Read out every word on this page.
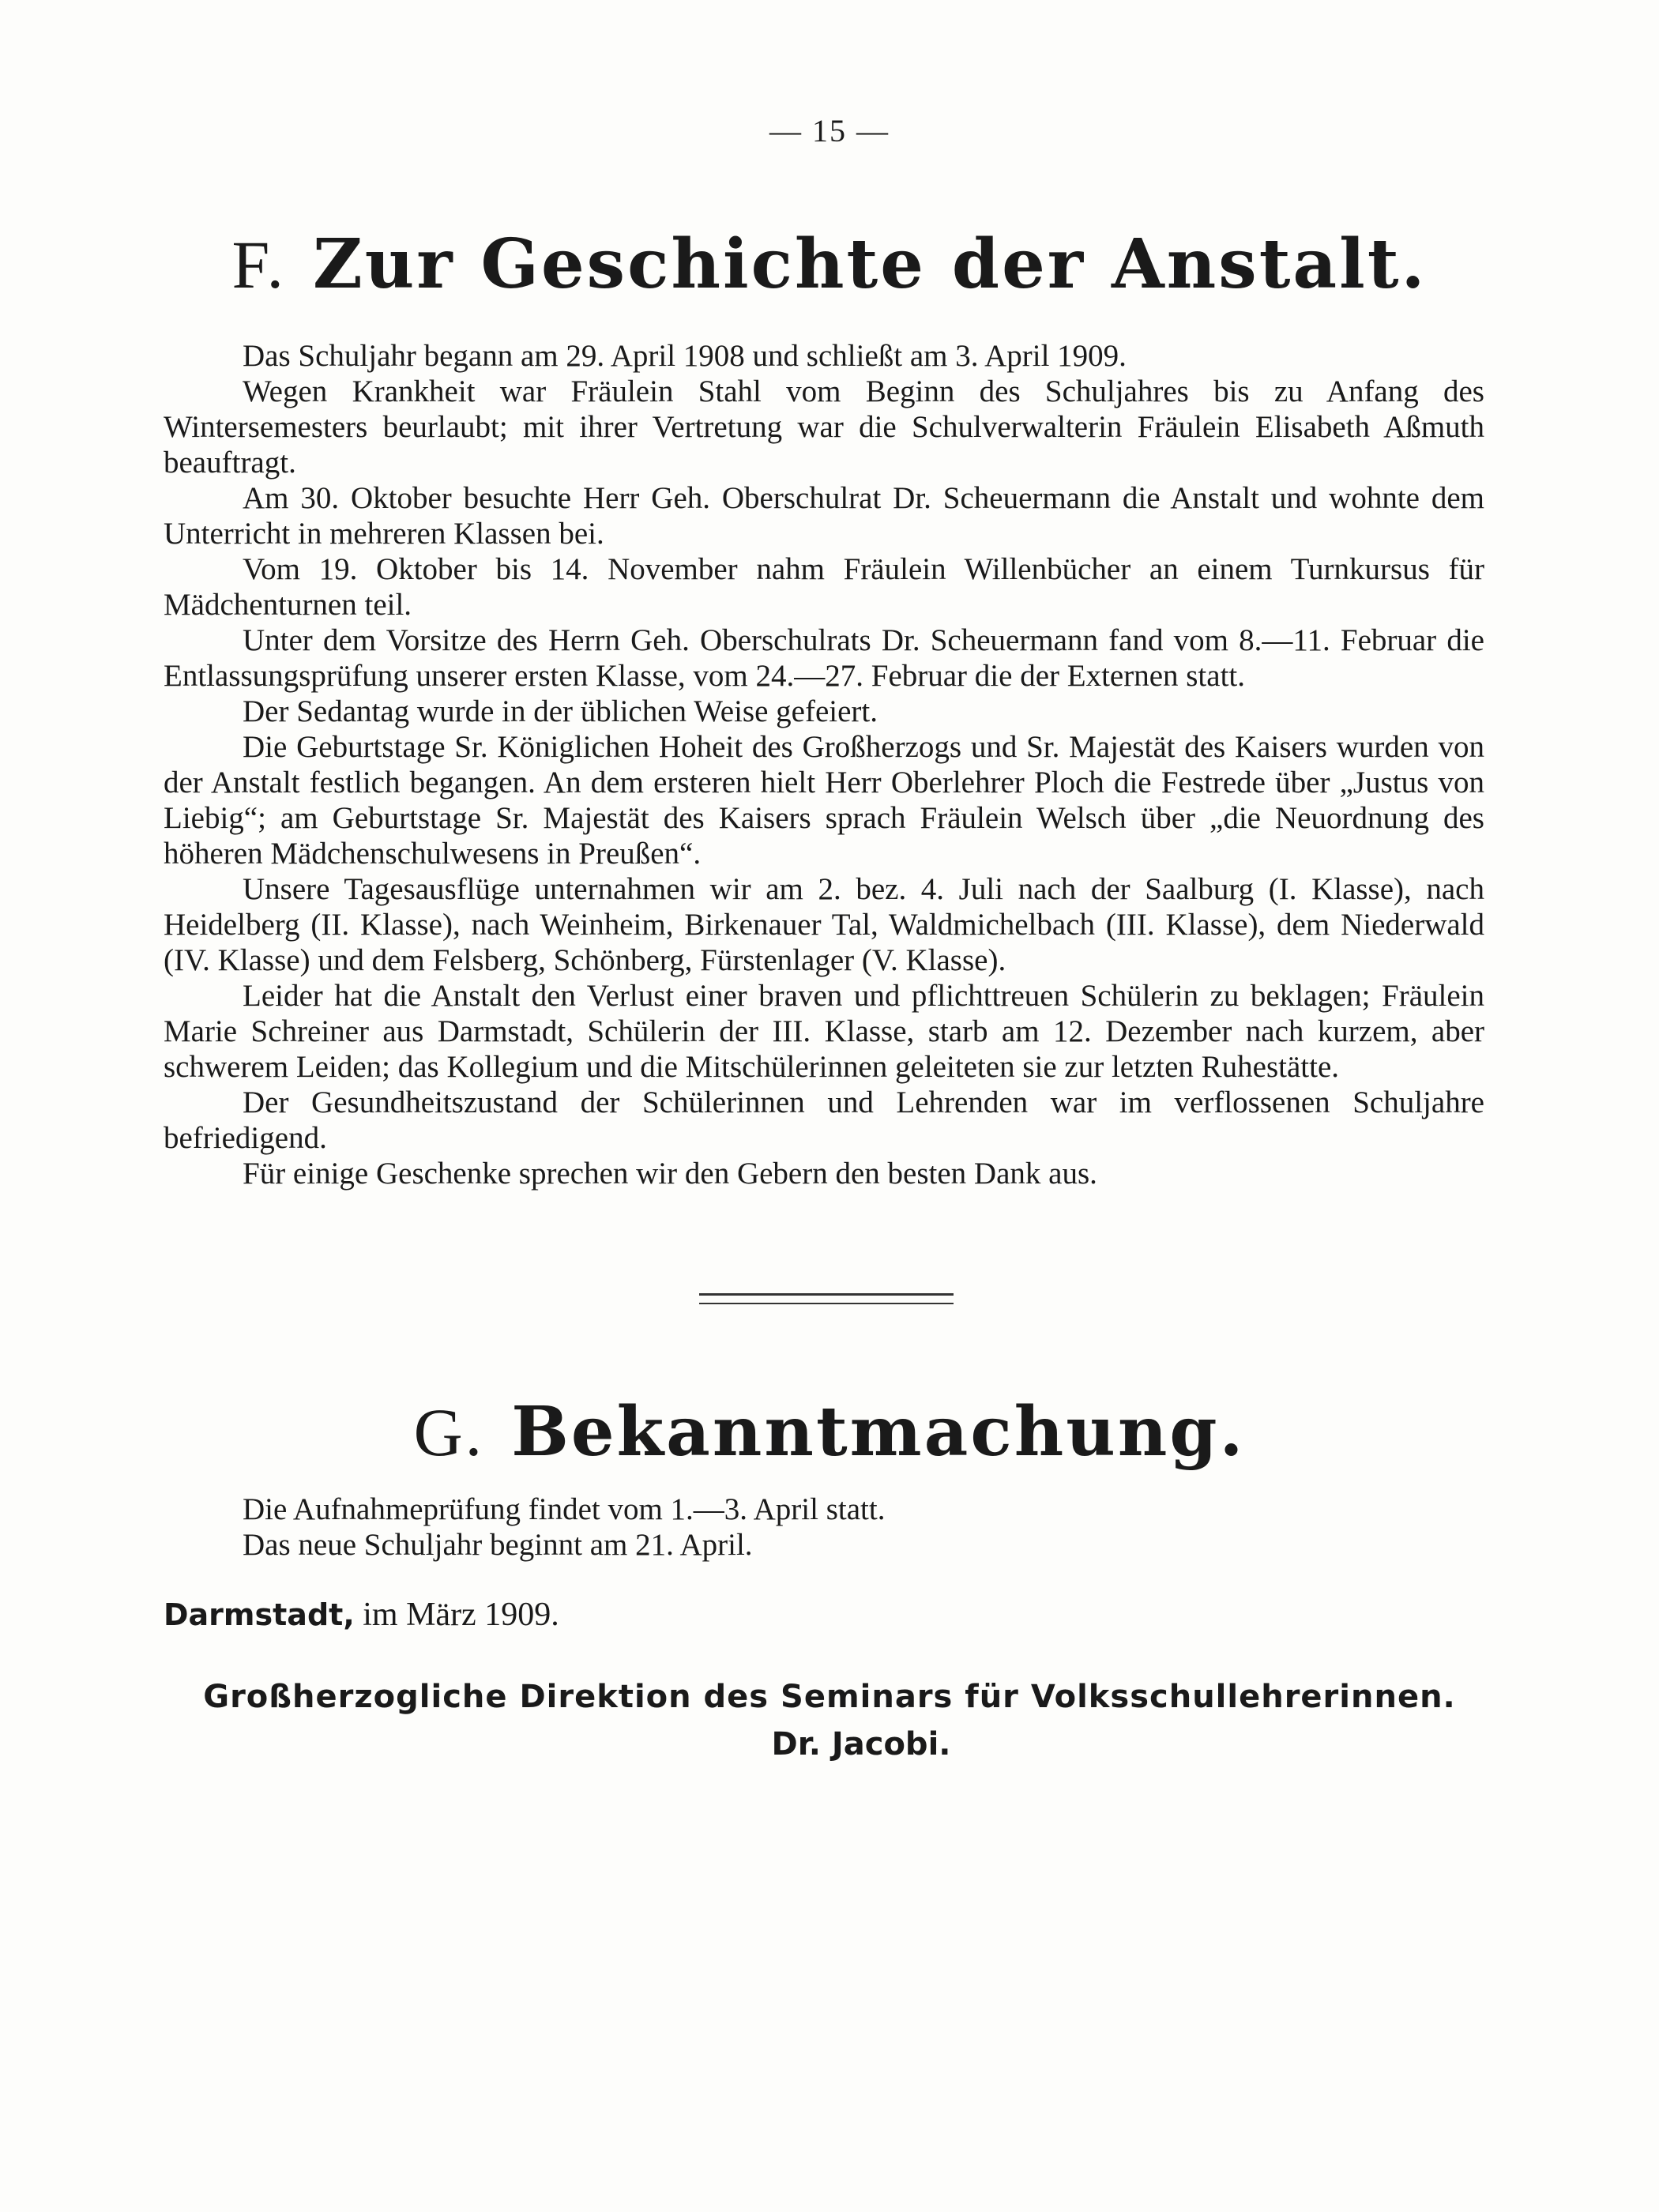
— 15 —
F. Zur Geschichte der Anstalt.

Das Schuljahr begann am 29. April 1908 und schließt am 3. April 1909.

Wegen Krankheit war Fräulein Stahl vom Beginn des Schuljahres bis zu Anfang des Wintersemesters beurlaubt; mit ihrer Vertretung war die Schulverwalterin Fräulein Elisabeth Aßmuth beauftragt.

Am 30. Oktober besuchte Herr Geh. Oberschulrat Dr. Scheuermann die Anstalt und wohnte dem Unterricht in mehreren Klassen bei.

Vom 19. Oktober bis 14. November nahm Fräulein Willenbücher an einem Turnkursus für Mädchenturnen teil.

Unter dem Vorsitze des Herrn Geh. Oberschulrats Dr. Scheuermann fand vom 8.—11. Februar die Entlassungsprüfung unserer ersten Klasse, vom 24.—27. Februar die der Externen statt.

Der Sedantag wurde in der üblichen Weise gefeiert.

Die Geburtstage Sr. Königlichen Hoheit des Großherzogs und Sr. Majestät des Kaisers wurden von der Anstalt festlich begangen. An dem ersteren hielt Herr Oberlehrer Ploch die Festrede über „Justus von Liebig“; am Geburtstage Sr. Majestät des Kaisers sprach Fräulein Welsch über „die Neuordnung des höheren Mädchenschulwesens in Preußen“.

Unsere Tagesausflüge unternahmen wir am 2. bez. 4. Juli nach der Saalburg (I. Klasse), nach Heidelberg (II. Klasse), nach Weinheim, Birkenauer Tal, Waldmichelbach (III. Klasse), dem Niederwald (IV. Klasse) und dem Felsberg, Schönberg, Fürstenlager (V. Klasse).

Leider hat die Anstalt den Verlust einer braven und pflichttreuen Schülerin zu beklagen; Fräulein Marie Schreiner aus Darmstadt, Schülerin der III. Klasse, starb am 12. Dezember nach kurzem, aber schwerem Leiden; das Kollegium und die Mitschülerinnen geleiteten sie zur letzten Ruhestätte.

Der Gesundheitszustand der Schülerinnen und Lehrenden war im verflossenen Schuljahre befriedigend.

Für einige Geschenke sprechen wir den Gebern den besten Dank aus.

G. Bekanntmachung.

Die Aufnahmeprüfung findet vom 1.—3. April statt.

Das neue Schuljahr beginnt am 21. April.

Darmstadt, im März 1909.
Großherzogliche Direktion des Seminars für Volksschullehrerinnen.
Dr. Jacobi.
